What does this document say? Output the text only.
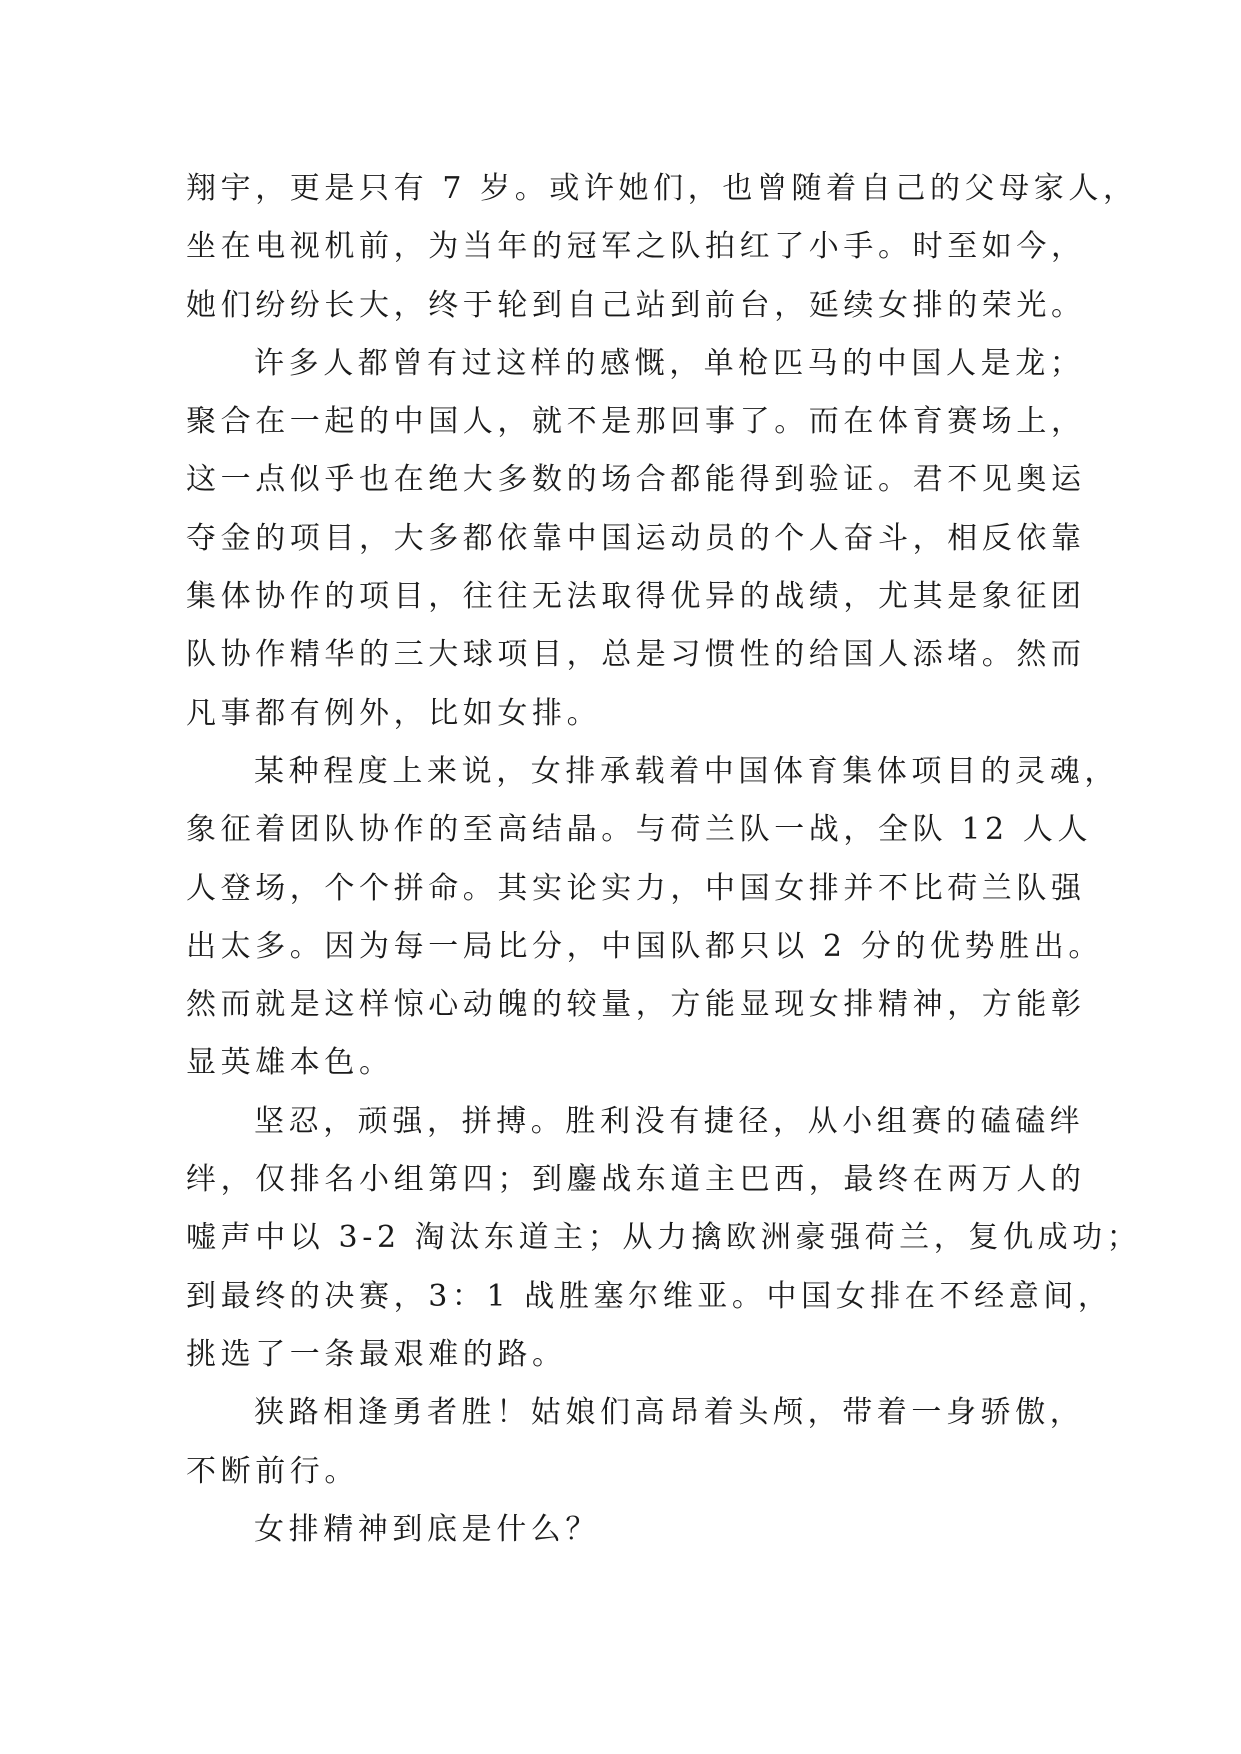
翔宇，更是只有 7 岁。或许她们，也曾随着自己的父母家人，
坐在电视机前，为当年的冠军之队拍红了小手。时至如今，
她们纷纷长大，终于轮到自己站到前台，延续女排的荣光。
许多人都曾有过这样的感慨，单枪匹马的中国人是龙；
聚合在一起的中国人，就不是那回事了。而在体育赛场上，
这一点似乎也在绝大多数的场合都能得到验证。君不见奥运
夺金的项目，大多都依靠中国运动员的个人奋斗，相反依靠
集体协作的项目，往往无法取得优异的战绩，尤其是象征团
队协作精华的三大球项目，总是习惯性的给国人添堵。然而
凡事都有例外，比如女排。
某种程度上来说，女排承载着中国体育集体项目的灵魂，
象征着团队协作的至高结晶。与荷兰队一战，全队 12 人人
人登场，个个拼命。其实论实力，中国女排并不比荷兰队强
出太多。因为每一局比分，中国队都只以 2 分的优势胜出。
然而就是这样惊心动魄的较量，方能显现女排精神，方能彰
显英雄本色。
坚忍，顽强，拼搏。胜利没有捷径，从小组赛的磕磕绊
绊，仅排名小组第四；到鏖战东道主巴西，最终在两万人的
嘘声中以 3-2 淘汰东道主；从力擒欧洲豪强荷兰，复仇成功；
到最终的决赛，3：1 战胜塞尔维亚。中国女排在不经意间，
挑选了一条最艰难的路。
狭路相逢勇者胜！姑娘们高昂着头颅，带着一身骄傲，
不断前行。
女排精神到底是什么？
